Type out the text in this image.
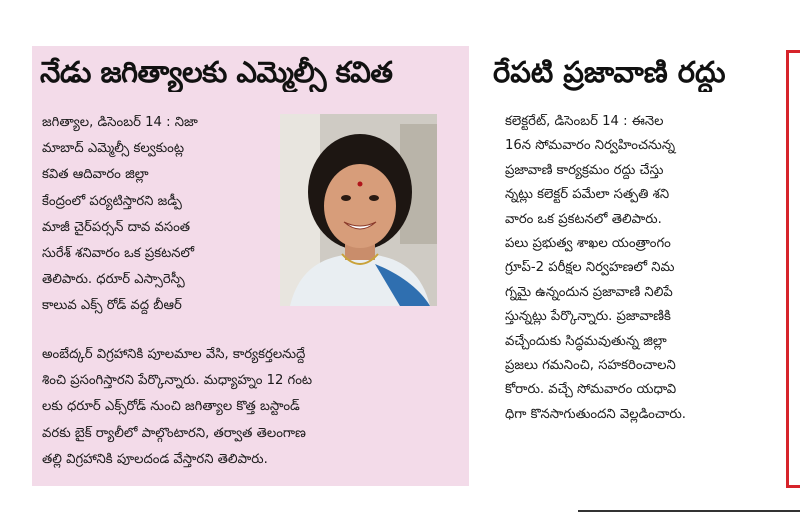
నేడు జగిత్యాలకు ఎమ్మెల్సీ కవిత
జగిత్యాల, డిసెంబర్ 14 : నిజా
మాబాద్ ఎమ్మెల్సీ కల్వకుంట్ల
కవిత ఆదివారం జిల్లా
కేంద్రంలో పర్యటిస్తారని జడ్పీ
మాజీ చైర్‌పర్సన్ దావ వసంత
సురేశ్ శనివారం ఒక ప్రకటనలో
తెలిపారు. ధరూర్ ఎస్సారెస్పీ
కాలువ ఎక్స్ రోడ్ వద్ద బీఆర్
అంబేద్కర్ విగ్రహానికి పూలమాల వేసి, కార్యకర్తలనుద్దే
శించి ప్రసంగిస్తారని పేర్కొన్నారు. మధ్యాహ్నం 12 గంట
లకు ధరూర్ ఎక్స్‌రోడ్ నుంచి జగిత్యాల కొత్త బస్టాండ్
వరకు బైక్ ర్యాలీలో పాల్గొంటారని, తర్వాత తెలంగాణ
తల్లి విగ్రహానికి పూలదండ వేస్తారని తెలిపారు.
రేపటి ప్రజావాణి రద్దు
కలెక్టరేట్, డిసెంబర్ 14 : ఈనెల
16న సోమవారం నిర్వహించనున్న
ప్రజావాణి కార్యక్రమం రద్దు చేస్తు
న్నట్లు కలెక్టర్ పమేలా సత్పతి శని
వారం ఒక ప్రకటనలో తెలిపారు.
పలు ప్రభుత్వ శాఖల యంత్రాంగం
గ్రూప్-2 పరీక్షల నిర్వహణలో నిమ
గ్నమై ఉన్నందున ప్రజావాణి నిలిపే
స్తున్నట్లు పేర్కొన్నారు. ప్రజావాణికి
వచ్చేందుకు సిద్ధమవుతున్న జిల్లా
ప్రజలు గమనించి, సహకరించాలని
కోరారు. వచ్చే సోమవారం యధావి
ధిగా కొనసాగుతుందని వెల్లడించారు.
